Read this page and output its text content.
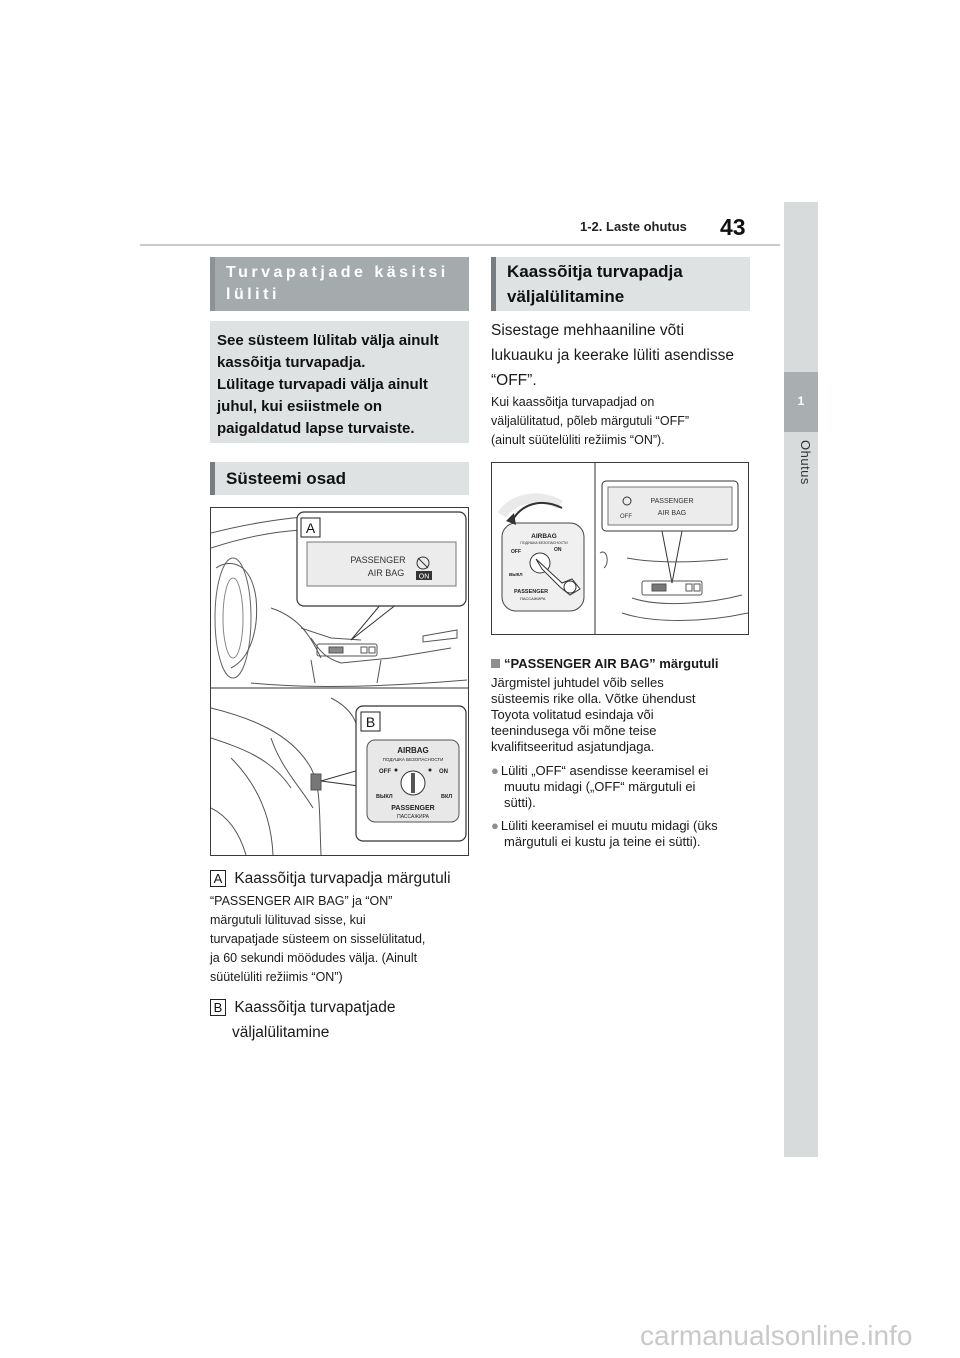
1-2. Laste ohutus 43
1
Ohutus
Turvapatjade käsitsi
lüliti
See süsteem lülitab välja ainult
kassõitja turvapadja.
Lülitage turvapadi välja ainult
juhul, kui esiistmele on
paigaldatud lapse turvaiste.
Süsteemi osad
A
PASSENGER
AIR BAG ON
B
AIRBAG
ПОДУШКА БЕЗОПАСНОСТИ
OFF	ON
ВЫКЛ	ВКЛ
PASSENGER
ПАССАЖИРА
A Kaassõitja turvapadja märgutuli
“PASSENGER AIR BAG” ja “ON”
märgutuli lülituvad sisse, kui
turvapatjade süsteem on sisselülitatud,
ja 60 sekundi möödudes välja. (Ainult
süütelüliti režiimis “ON”)
B Kaassõitja turvapatjade
väljalülitamine
Kaassõitja turvapadja
väljalülitamine
Sisestage mehhaaniline võti
lukuauku ja keerake lüliti asendisse
“OFF”.
Kui kaassõitja turvapadjad on
väljalülitatud, põleb märgutuli “OFF”
(ainult süütelüliti režiimis “ON”).
AIRBAG
ПОДУШКА БЕЗОПАСНОСТИ
OFF	ON
ВЫКЛ
PASSENGER
ПАССАЖИРА
PASSENGER
AIR BAG
OFF
“PASSENGER AIR BAG” märgutuli
Järgmistel juhtudel võib selles
süsteemis rike olla. Võtke ühendust
Toyota volitatud esindaja või
teenindusega või mõne teise
kvalifitseeritud asjatundjaga.
● Lüliti „OFF“ asendisse keeramisel ei
muutu midagi („OFF“ märgutuli ei
sütti).
● Lüliti keeramisel ei muutu midagi (üks
märgutuli ei kustu ja teine ei sütti).
carmanualsonline.info
